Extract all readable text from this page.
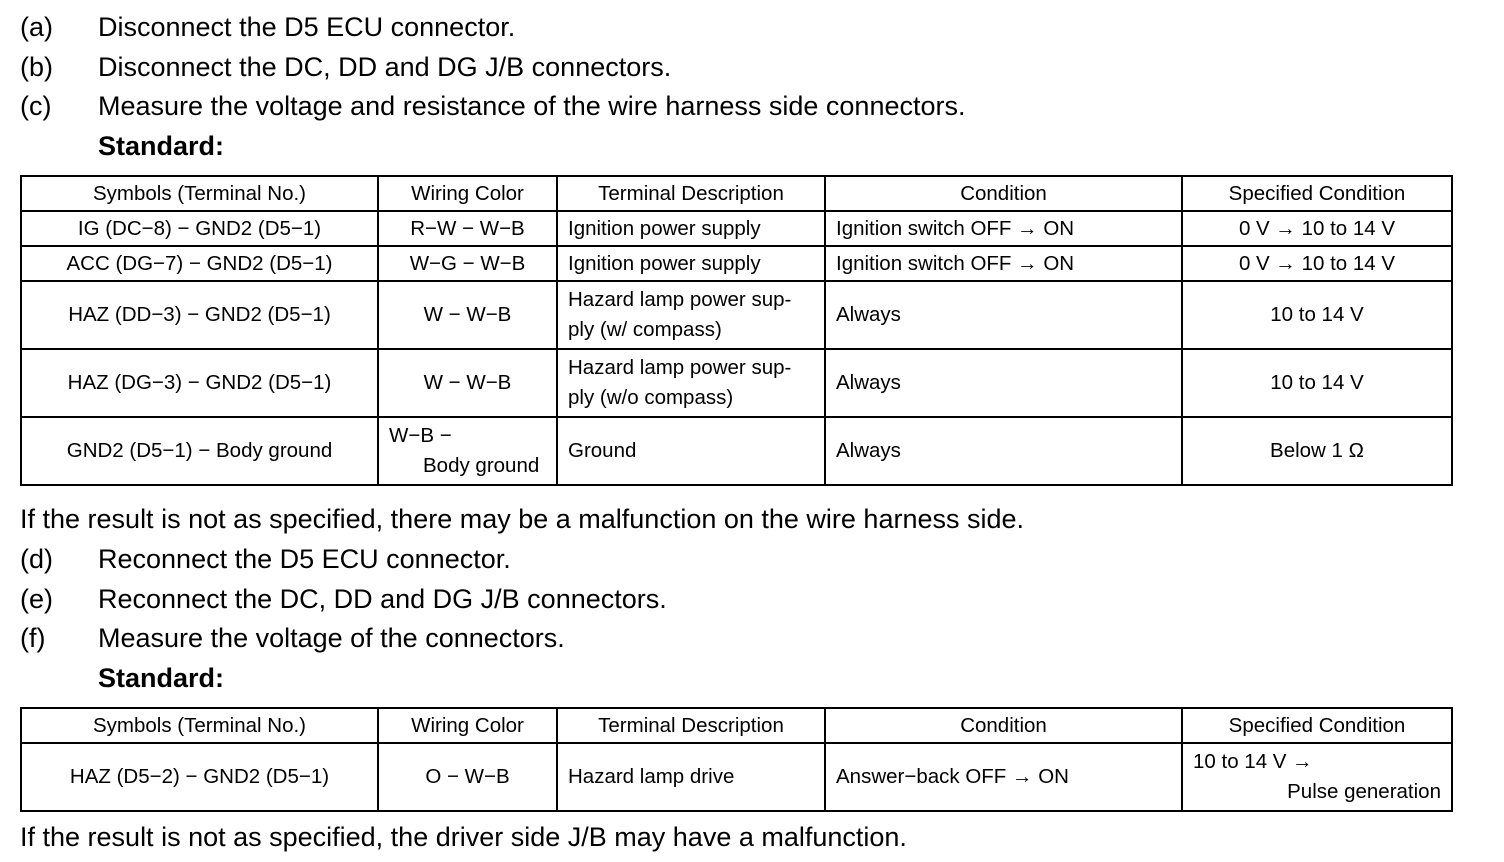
(a) Disconnect the D5 ECU connector.
(b) Disconnect the DC, DD and DG J/B connectors.
(c) Measure the voltage and resistance of the wire harness side connectors.
Standard:
Symbols (Terminal No.)	Wiring Color	Terminal Description	Condition	Specified Condition
IG (DC−8) − GND2 (D5−1)	R−W − W−B	Ignition power supply	Ignition switch OFF → ON	0 V → 10 to 14 V
ACC (DG−7) − GND2 (D5−1)	W−G − W−B	Ignition power supply	Ignition switch OFF → ON	0 V → 10 to 14 V
HAZ (DD−3) − GND2 (D5−1)	W − W−B	Hazard lamp power sup-
ply (w/ compass)	Always	10 to 14 V
HAZ (DG−3) − GND2 (D5−1)	W − W−B	Hazard lamp power sup-
ply (w/o compass)	Always	10 to 14 V
GND2 (D5−1) − Body ground	W−B −
Body ground	Ground	Always	Below 1 Ω
If the result is not as specified, there may be a malfunction on the wire harness side.
(d) Reconnect the D5 ECU connector.
(e) Reconnect the DC, DD and DG J/B connectors.
(f) Measure the voltage of the connectors.
Standard:
Symbols (Terminal No.)	Wiring Color	Terminal Description	Condition	Specified Condition
HAZ (D5−2) − GND2 (D5−1)	O − W−B	Hazard lamp drive	Answer−back OFF → ON	10 to 14 V →
Pulse generation
If the result is not as specified, the driver side J/B may have a malfunction.
